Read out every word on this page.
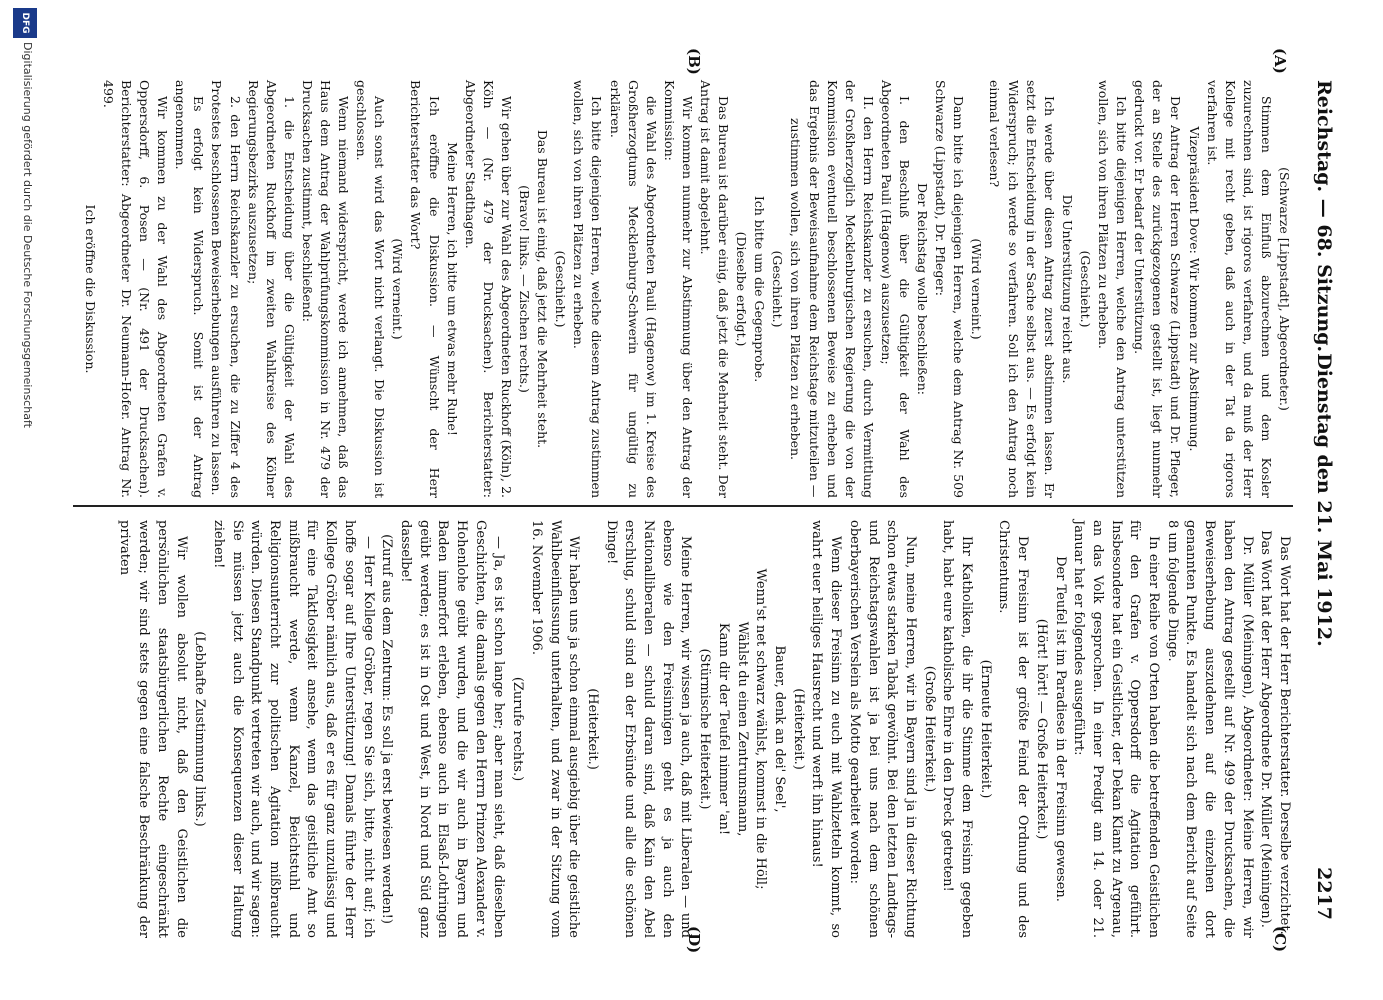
Reichstag. — 68. Sitzung.
Dienstag den 21. Mai 1912.
2217
(A)
(B)
(C)
(D)

(Schwarze [Lippstadt], Abgeordneter.)

Stimmen dem Einfluß abzurechnen und dem Kosler zuzurechnen sind, ist rigoros verfahren, und da muß der Herr Kollege mit recht geben, daß auch in der Tat da rigoros verfahren ist.

Vizepräsident Dove: Wir kommen zur Abstimmung.

Der Antrag der Herren Schwarze (Lippstadt) und Dr. Pfleger, der an Stelle des zurückgezogenen gestellt ist, liegt nunmehr gedruckt vor. Er bedarf der Unterstützung.

Ich bitte diejenigen Herren, welche den Antrag unterstützen wollen, sich von ihren Plätzen zu erheben.

(Geschieht.)

Die Unterstützung reicht aus.

Ich werde über diesen Antrag zuerst abstimmen lassen. Er setzt die Entscheidung in der Sache selbst aus. — Es erfolgt kein Widerspruch; ich werde so verfahren. Soll ich den Antrag noch einmal verlesen?

(Wird verneint.)

Dann bitte ich diejenigen Herren, welche dem Antrag Nr. 509 Schwarze (Lippstadt), Dr. Pfleger:

Der Reichstag wolle beschließen:

I. den Beschluß über die Gültigkeit der Wahl des Abgeordneten Pauli (Hagenow) auszusetzen;

II. den Herrn Reichskanzler zu ersuchen, durch Vermittlung der Großherzoglich Mecklenburgischen Regierung die von der Kommission eventuell beschlossenen Beweise zu erheben und das Ergebnis der Beweisaufnahme dem Reichstage mitzuteilen —

zustimmen wollen, sich von ihren Plätzen zu erheben.

(Geschieht.)

Ich bitte um die Gegenprobe.

(Dieselbe erfolgt.)

Das Bureau ist darüber einig, daß jetzt die Mehrheit steht. Der Antrag ist damit abgelehnt.

Wir kommen nunmehr zur Abstimmung über den Antrag der Kommission:

die Wahl des Abgeordneten Pauli (Hagenow) im 1. Kreise des Großherzogtums Mecklenburg-Schwerin für ungültig zu erklären.

Ich bitte diejenigen Herren, welche diesem Antrag zustimmen wollen, sich von ihren Plätzen zu erheben.

(Geschieht.)

Das Bureau ist einig, daß jetzt die Mehrheit steht.

(Bravo! links. — Zischen rechts.)

Wir gehen über zur Wahl des Abgeordneten Ruckhoff (Köln), 2. Köln — (Nr. 479 der Drucksachen). Berichterstatter: Abgeordneter Stadthagen.

Meine Herren, ich bitte um etwas mehr Ruhe!

Ich eröffne die Diskussion. — Wünscht der Herr Berichterstatter das Wort?

(Wird verneint.)

Auch sonst wird das Wort nicht verlangt. Die Diskussion ist geschlossen.

Wenn niemand widerspricht, werde ich annehmen, daß das Haus dem Antrag der Wahlprüfungskommission in Nr. 479 der Drucksachen zustimmt, beschließend:

1. die Entscheidung über die Gültigkeit der Wahl des Abgeordneten Ruckhoff im zweiten Wahlkreise des Kölner Regierungsbezirks auszusetzen;

2. den Herrn Reichskanzler zu ersuchen, die zu Ziffer 4 des Protestes beschlossenen Beweiserhebungen ausführen zu lassen.

Es erfolgt kein Widerspruch. Somit ist der Antrag angenommen.

Wir kommen zu der Wahl des Abgeordneten Grafen v. Oppersdorff, 6. Posen — (Nr. 491 der Drucksachen). Berichterstatter: Abgeordneter Dr. Neumann-Hofer. Antrag Nr. 499.

Ich eröffne die Diskussion.

Das Wort hat der Herr Berichterstatter. Derselbe verzichtet.

Das Wort hat der Herr Abgeordnete Dr. Müller (Meiningen).

Dr. Müller (Meiningen), Abgeordneter: Meine Herren, wir haben den Antrag gestellt auf Nr. 499 der Drucksachen, die Beweiserhebung auszudehnen auf die einzelnen dort genannten Punkte. Es handelt sich nach dem Bericht auf Seite 8 um folgende Dinge.

In einer Reihe von Orten haben die betreffenden Geistlichen für den Grafen v. Oppersdorff die Agitation geführt. Insbesondere hat ein Geistlicher, der Dekan Klamt zu Argenau, an das Volk gesprochen. In einer Predigt am 14. oder 21. Januar hat er folgendes ausgeführt:

Der Teufel ist im Paradiese in der Freisinn gewesen.

(Hört! hört! — Große Heiterkeit.)

Der Freisinn ist der größte Feind der Ordnung und des Christentums.

(Erneute Heiterkeit.)

Ihr Katholiken, die ihr die Stimme dem Freisinn gegeben habt, habt eure katholische Ehre in den Dreck getreten!

(Große Heiterkeit.)

Nun, meine Herren, wir in Bayern sind ja in dieser Richtung schon etwas starken Tabak gewöhnt. Bei den letzten Landtags- und Reichstagswahlen ist ja bei uns nach dem schönen oberbayerischen Verslein als Motto gearbeitet worden:

Wenn dieser Freisinn zu euch mit Wahlzetteln kommt, so wahrt euer heiliges Hausrecht und werft ihn hinaus!

(Heiterkeit.)

Bauer, denk an dei' Seel',

Wenn'st net schwarz wählst, kommst in die Höll;

Wählst du einen Zentrumsmann,

Kann dir der Teufel nimmer 'an!

(Stürmische Heiterkeit.)

Meine Herren, wir wissen ja auch, daß mit Liberalen — und ebenso wie den Freisinnigen geht es ja auch den Nationalliberalen — schuld daran sind, daß Kain den Abel erschlug, schuld sind an der Erbsünde und alle die schönen Dinge!

(Heiterkeit.)

Wir haben uns ja schon einmal ausgiebig über die geistliche Wahlbeeinflussung unterhalten, und zwar in der Sitzung vom 16. November 1906.

(Zurufe rechts.)

— Ja, es ist schon lange her; aber man sieht, daß dieselben Geschichten, die damals gegen den Herrn Prinzen Alexander v. Hohenlohe geübt wurden, und die wir auch in Bayern und Baden immerfort erleben, ebenso auch in Elsaß-Lothringen geübt werden; es ist in Ost und West, in Nord und Süd ganz dasselbe!

(Zuruf aus dem Zentrum: Es soll ja erst bewiesen werden!)

— Herr Kollege Gröber, regen Sie sich, bitte, nicht auf; ich hoffe sogar auf Ihre Unterstützung! Damals führte der Herr Kollege Gröber nämlich aus, daß er es für ganz unzulässig und für eine Taktlosigkeit ansehe, wenn das geistliche Amt so mißbraucht werde, wenn Kanzel, Beichtstuhl und Religionsunterricht zur politischen Agitation mißbraucht würden. Diesen Standpunkt vertreten wir auch, und wir sagen: Sie müssen jetzt auch die Konsequenzen dieser Haltung ziehen!

(Lebhafte Zustimmung links.)

Wir wollen absolut nicht, daß den Geistlichen die persönlichen staatsbürgerlichen Rechte eingeschränkt werden; wir sind stets gegen eine falsche Beschränkung der privaten

DFG
Digitalisierung gefördert durch die Deutsche Forschungsgemeinschaft
